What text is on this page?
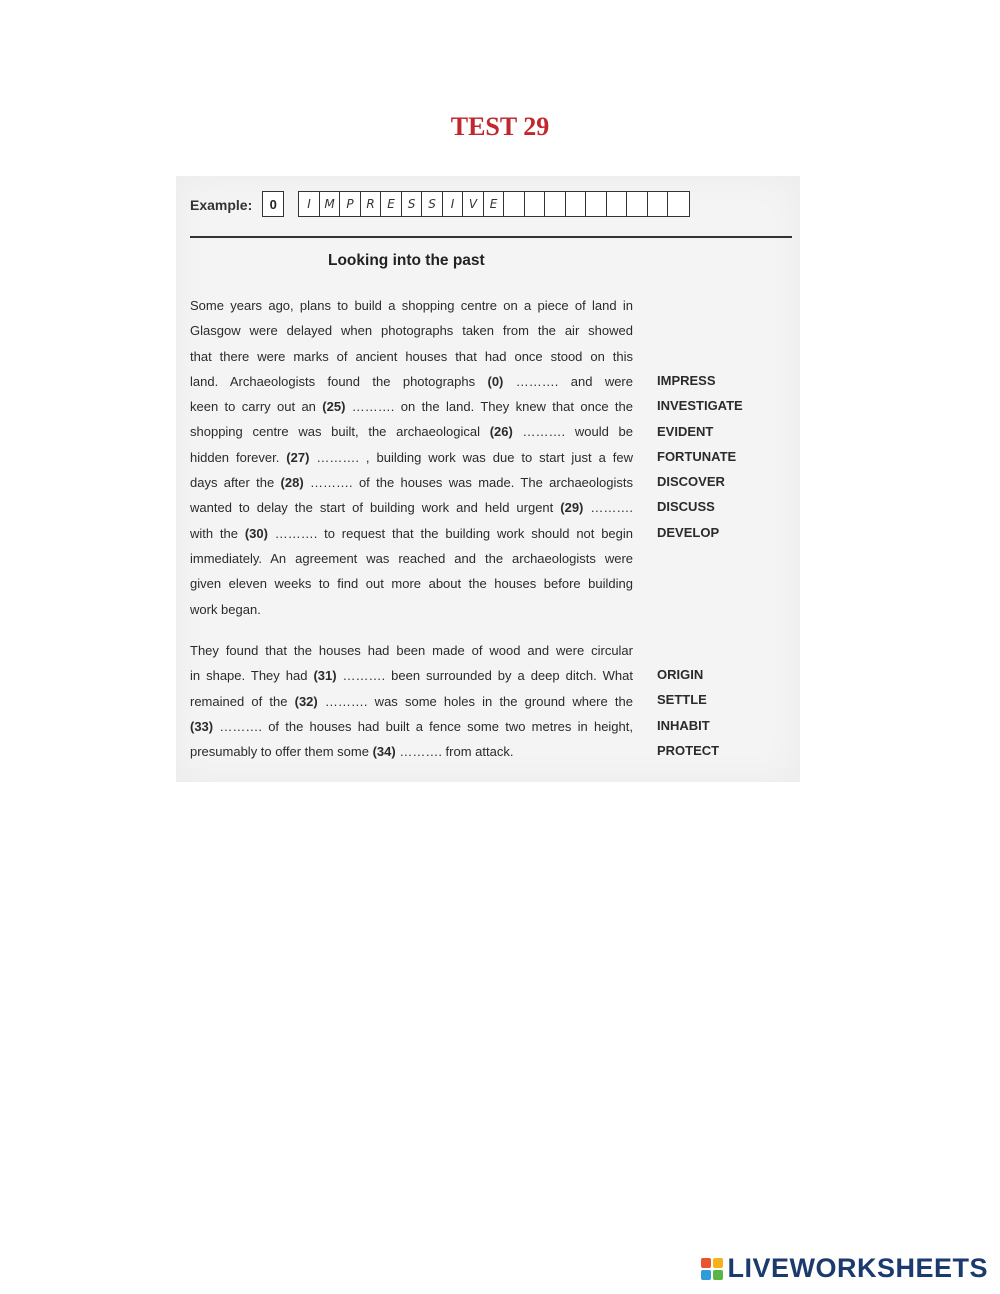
TEST 29
Example:	0	I	M P	R	E	S	S	I	V	E
Looking into the past
Some years ago, plans to build a shopping centre on a piece of land in
Glasgow were delayed when photographs taken from the air showed
that there were marks of ancient houses that had once stood on this
land. Archaeologists found the photographs (0) ………. and were
keen to carry out an (25) ………. on the land. They knew that once the
shopping centre was built, the archaeological (26) ………. would be
hidden forever. (27) ………. , building work was due to start just a few
days after the (28) ………. of the houses was made. The archaeologists
wanted to delay the start of building work and held urgent (29) ……….
with the (30) ………. to request that the building work should not begin
immediately. An agreement was reached and the archaeologists were
given eleven weeks to find out more about the houses before building
work began.
IMPRESS
INVESTIGATE
EVIDENT
FORTUNATE
DISCOVER
DISCUSS
DEVELOP
They found that the houses had been made of wood and were circular
in shape. They had (31) ………. been surrounded by a deep ditch. What
remained of the (32) ………. was some holes in the ground where the
(33) ………. of the houses had built a fence some two metres in height,
presumably to offer them some (34) ………. from attack.
ORIGIN
SETTLE
INHABIT
PROTECT
LIVEWORKSHEETS
